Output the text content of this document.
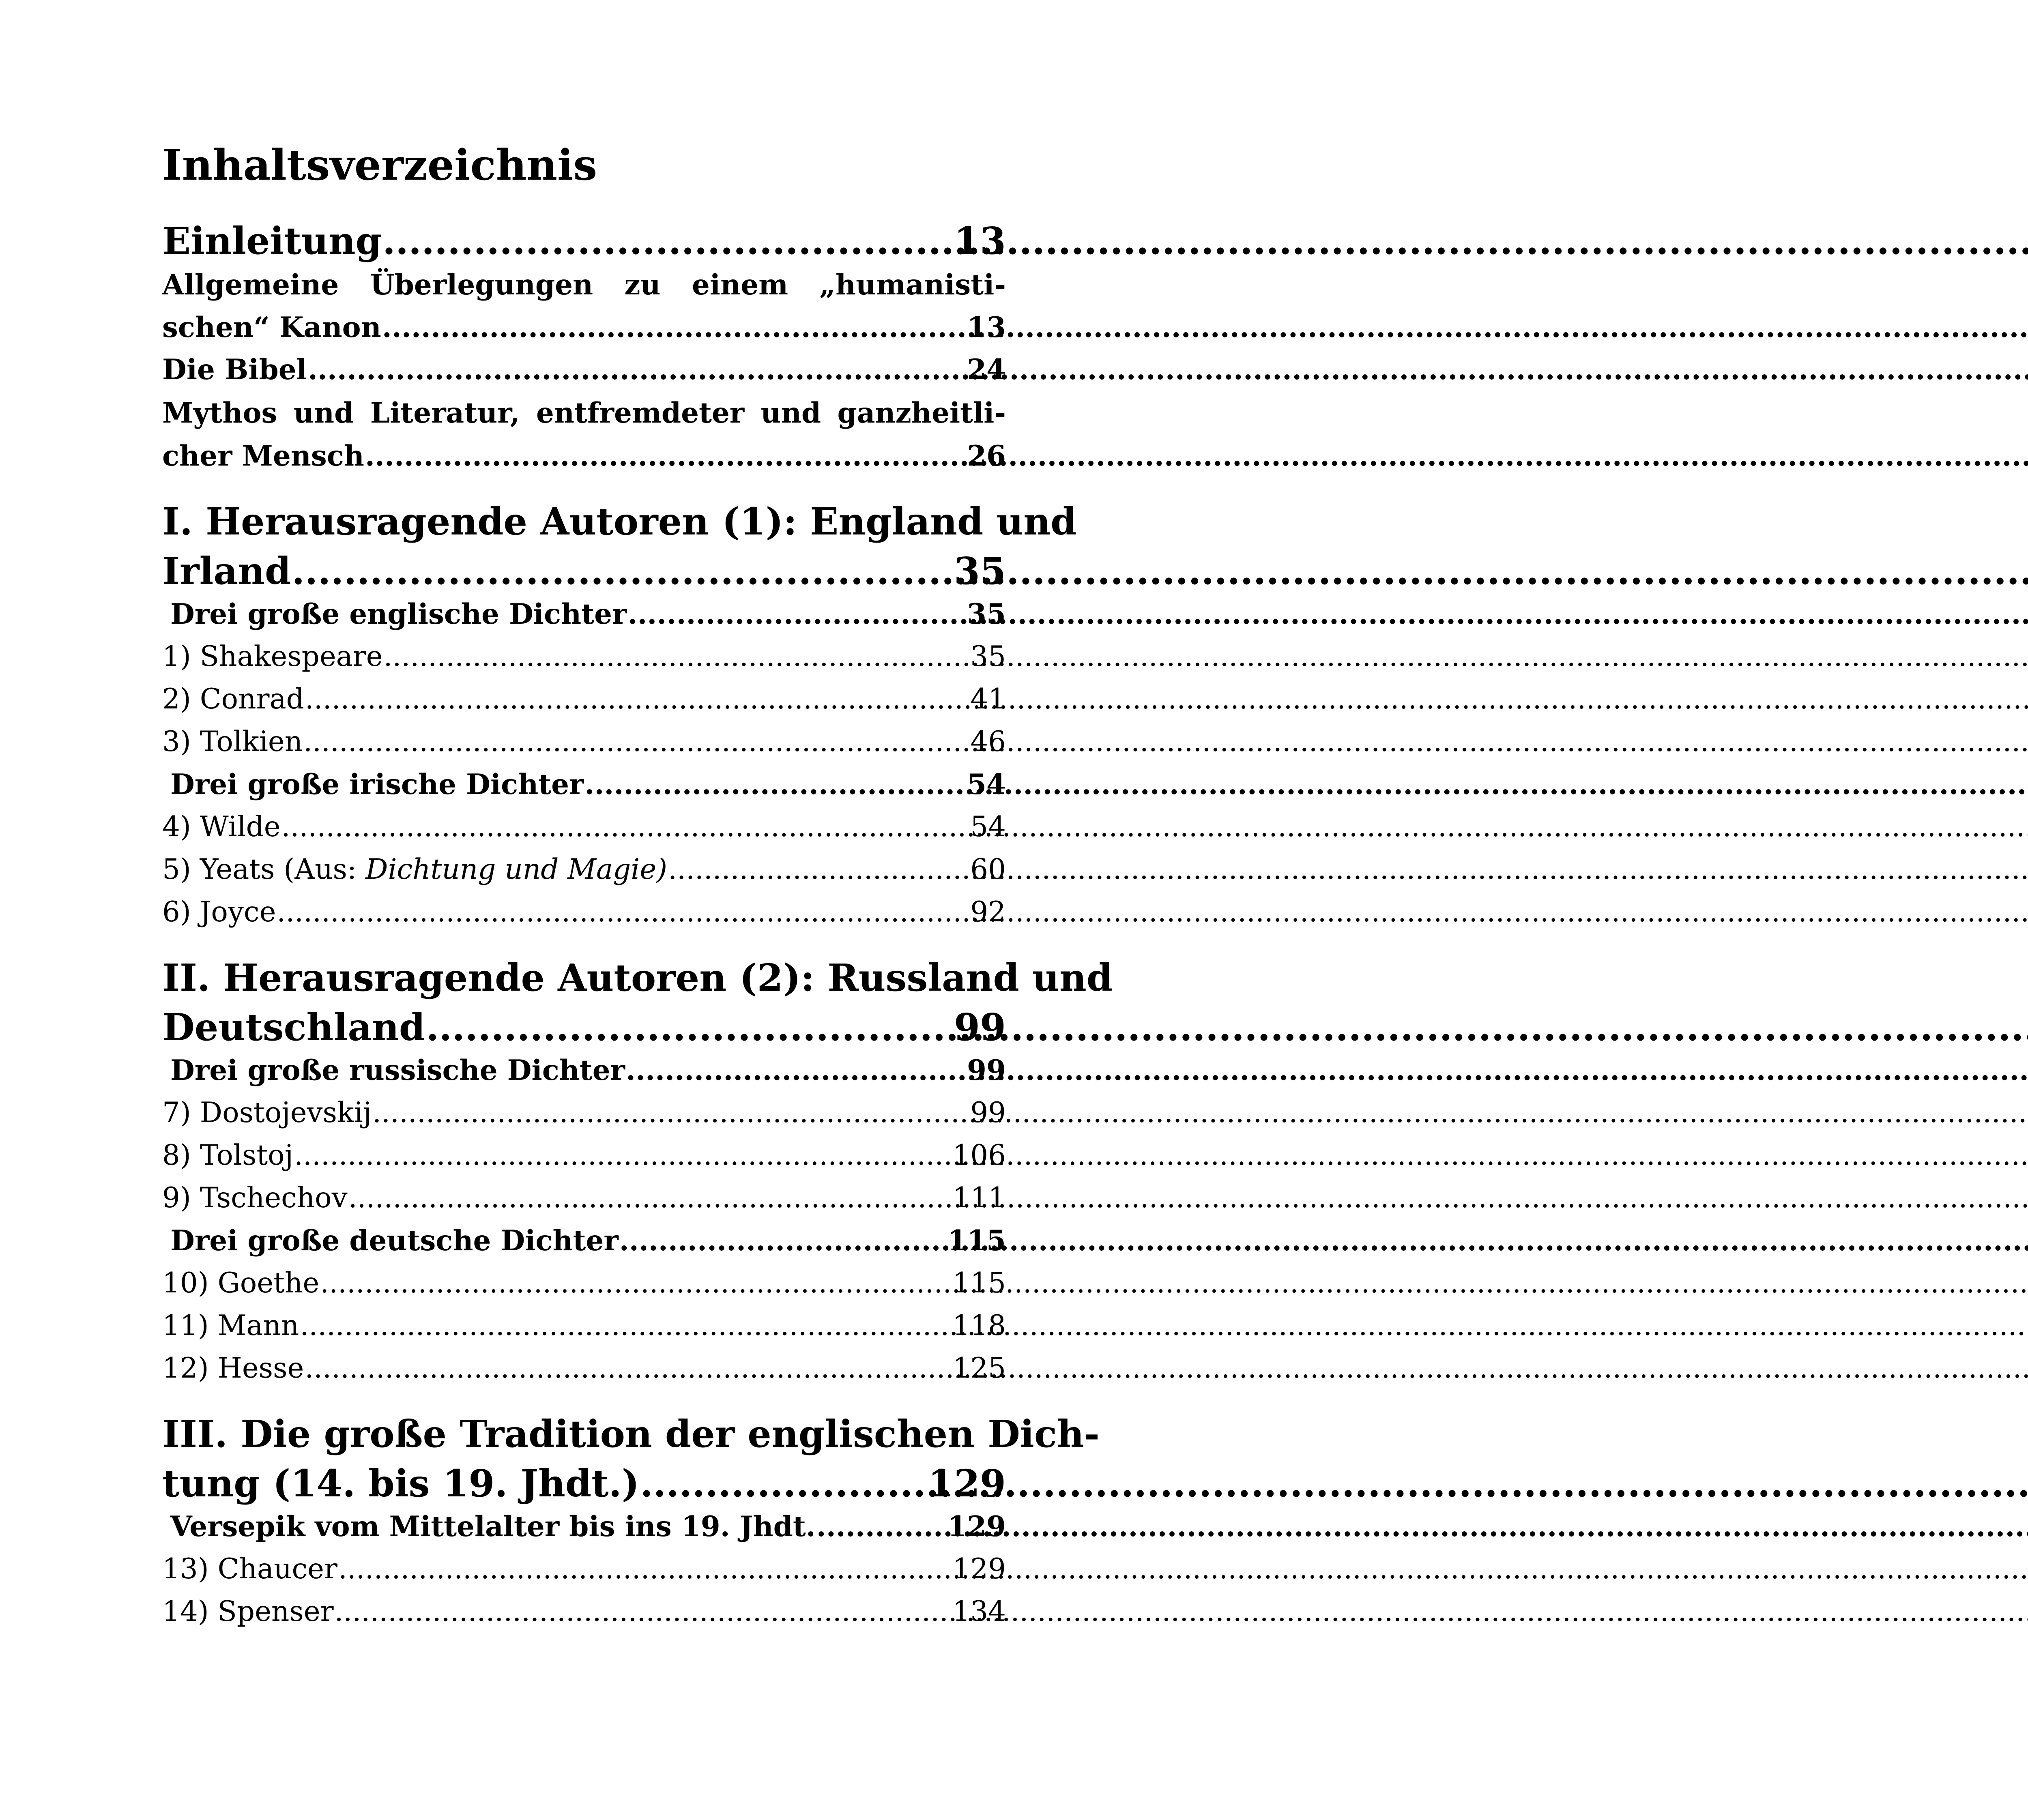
Inhaltsverzeichnis
Einleitung .....	13
Allgemeine Überlegungen zu einem „humanisti-
schen“ Kanon .....	13
Die Bibel .....	24
Mythos und Literatur, entfremdeter und ganzheitli-
cher Mensch .....	26
I. Herausragende Autoren (1): England und
Irland .....	35
Drei große englische Dichter .....	35
1) Shakespeare .....	35
2) Conrad .....	41
3) Tolkien .....	46
Drei große irische Dichter .....	54
4) Wilde .....	54
5) Yeats (Aus: Dichtung und Magie) .....	60
6) Joyce .....	92
II. Herausragende Autoren (2): Russland und
Deutschland .....	99
Drei große russische Dichter .....	99
7) Dostojevskij .....	99
8) Tolstoj .....	106
9) Tschechov .....	111
Drei große deutsche Dichter .....	115
10) Goethe .....	115
11) Mann .....	118
12) Hesse .....	125
III. Die große Tradition der englischen Dich-
tung (14. bis 19. Jhdt.) .....	129
Versepik vom Mittelalter bis ins 19. Jhdt. .....	129
13) Chaucer .....	129
14) Spenser .....	134
